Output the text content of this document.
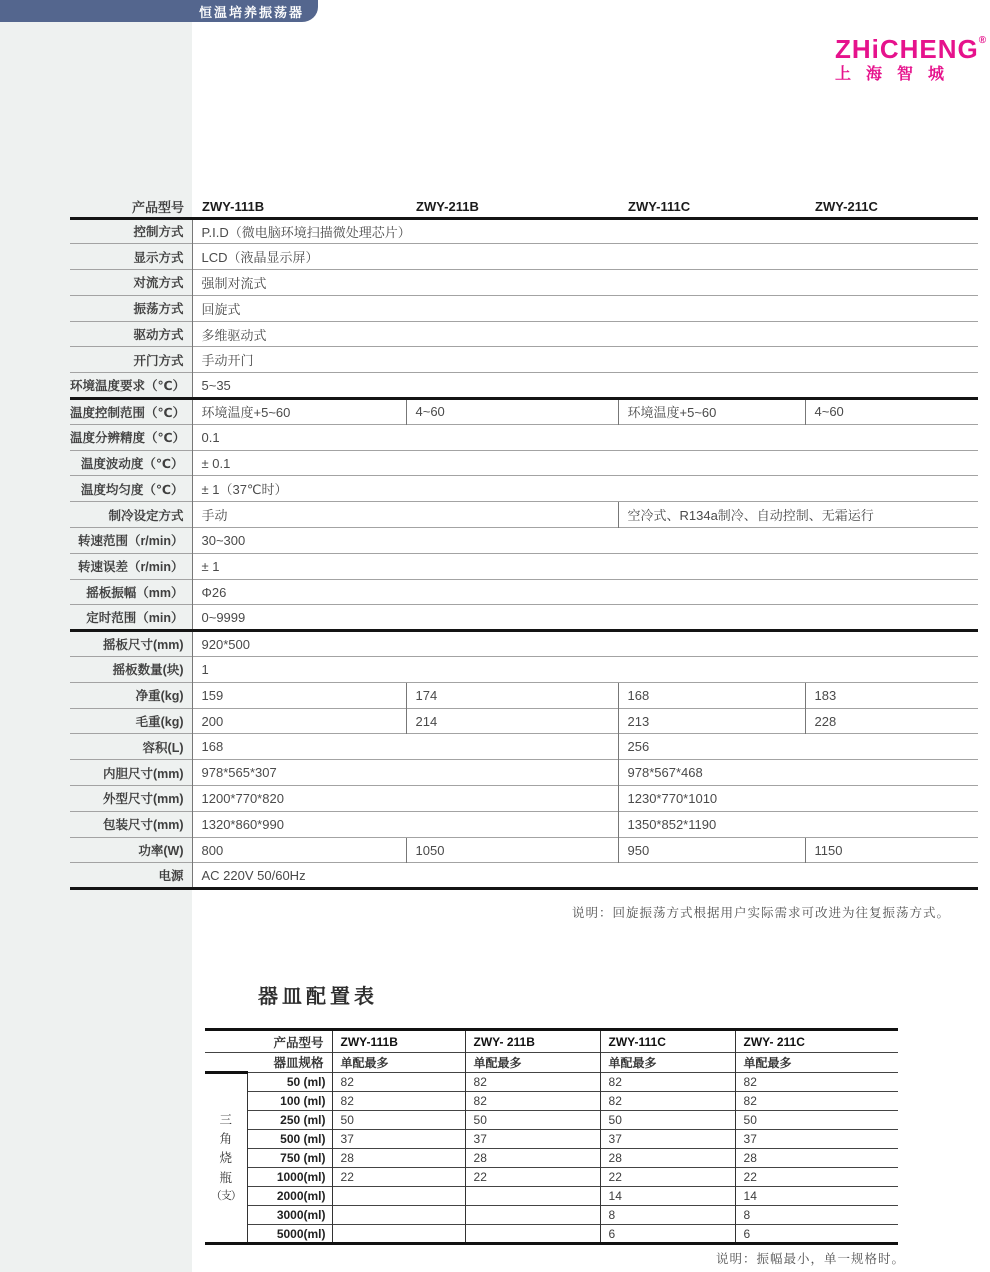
恒温培养振荡器
ZHiCHENG®
上海智城
产品型号	ZWY-111B	ZWY-211B	ZWY-111C	ZWY-211C
控制方式	P.I.D（微电脑环境扫描微处理芯片）			
显示方式	LCD（液晶显示屏）			
对流方式	强制对流式			
振荡方式	回旋式			
驱动方式	多维驱动式			
开门方式	手动开门			
环境温度要求（℃）	5~35			
温度控制范围（℃）	环境温度+5~60	4~60	环境温度+5~60	4~60
温度分辨精度（℃）	0.1			
温度波动度（℃）	± 0.1			
温度均匀度（℃）	± 1（37℃时）			
制冷设定方式	手动		空冷式、R134a制冷、自动控制、无霜运行	
转速范围（r/min）	30~300			
转速误差（r/min）	± 1			
摇板振幅（mm）	Φ26			
定时范围（min）	0~9999			
摇板尺寸(mm)	920*500			
摇板数量(块)	1			
净重(kg)	159	174	168	183
毛重(kg)	200	214	213	228
容积(L)	168		256	
内胆尺寸(mm)	978*565*307		978*567*468	
外型尺寸(mm)	1200*770*820		1230*770*1010	
包装尺寸(mm)	1320*860*990		1350*852*1190	
功率(W)	800	1050	950	1150
电源	AC 220V 50/60Hz			
说明：回旋振荡方式根据用户实际需求可改进为往复振荡方式。
器皿配置表
产品型号		ZWY-111B	ZWY- 211B	ZWY-111C	ZWY- 211C
器皿规格		单配最多	单配最多	单配最多	单配最多

三
角
烧
瓶
（支）	50 (ml)	82	82	82	82
	100 (ml)	82	82	82	82
	250 (ml)	50	50	50	50
	500 (ml)	37	37	37	37
	750 (ml)	28	28	28	28
	1000(ml)	22	22	22	22
	2000(ml)			14	14
	3000(ml)			8	8
	5000(ml)			6	6
说明：振幅最小，单一规格时。
